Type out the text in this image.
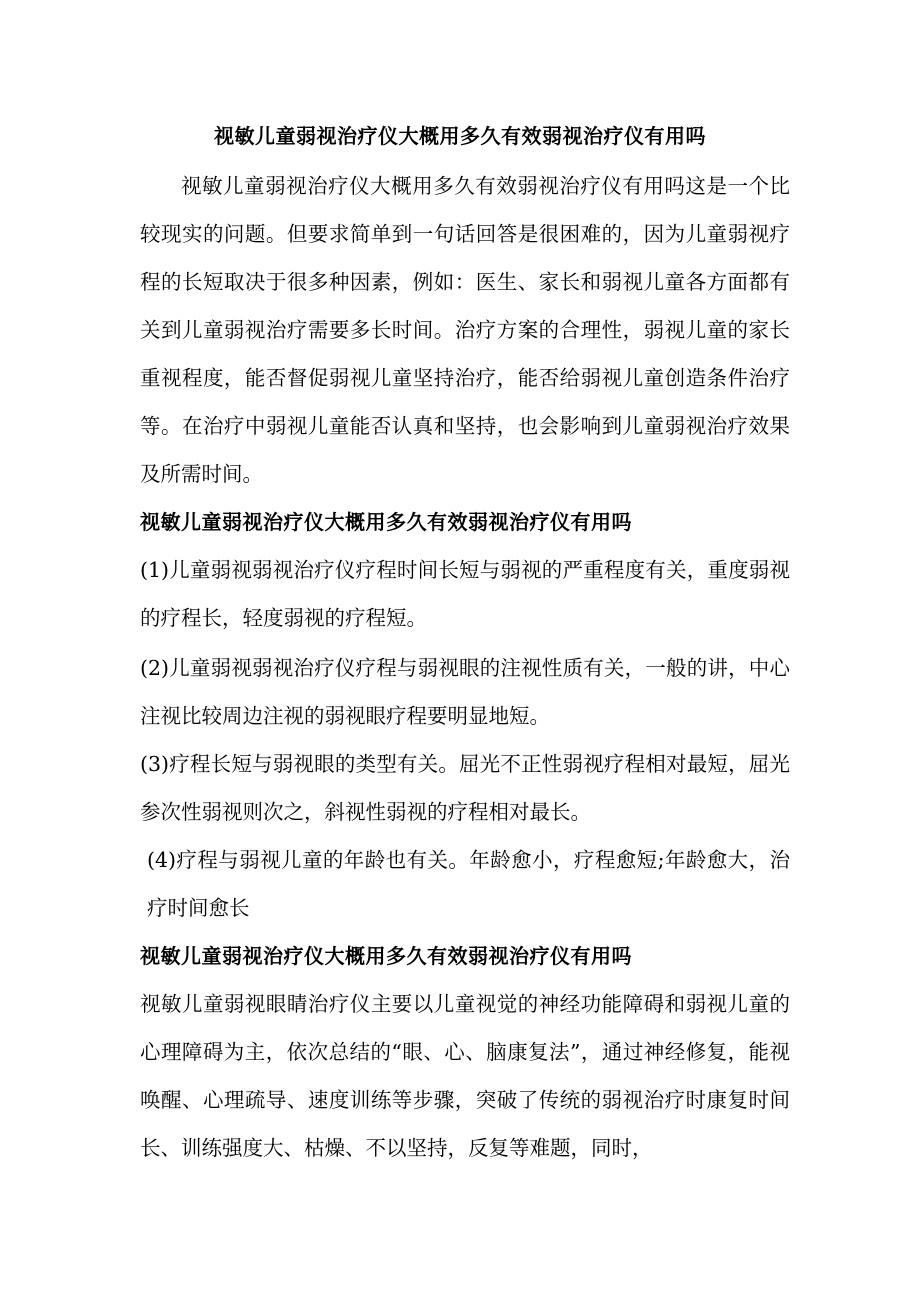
视敏儿童弱视治疗仪大概用多久有效弱视治疗仪有用吗

视敏儿童弱视治疗仪大概用多久有效弱视治疗仪有用吗这是一个比较现实的问题。但要求简单到一句话回答是很困难的，因为儿童弱视疗程的长短取决于很多种因素，例如：医生、家长和弱视儿童各方面都有关到儿童弱视治疗需要多长时间。治疗方案的合理性，弱视儿童的家长重视程度，能否督促弱视儿童坚持治疗，能否给弱视儿童创造条件治疗等。在治疗中弱视儿童能否认真和坚持，也会影响到儿童弱视治疗效果及所需时间。

视敏儿童弱视治疗仪大概用多久有效弱视治疗仪有用吗

(1)儿童弱视弱视治疗仪疗程时间长短与弱视的严重程度有关，重度弱视的疗程长，轻度弱视的疗程短。

(2)儿童弱视弱视治疗仪疗程与弱视眼的注视性质有关，一般的讲，中心注视比较周边注视的弱视眼疗程要明显地短。

(3)疗程长短与弱视眼的类型有关。屈光不正性弱视疗程相对最短，屈光参次性弱视则次之，斜视性弱视的疗程相对最长。

(4)疗程与弱视儿童的年龄也有关。年龄愈小，疗程愈短;年龄愈大，治疗时间愈长

视敏儿童弱视治疗仪大概用多久有效弱视治疗仪有用吗

视敏儿童弱视眼睛治疗仪主要以儿童视觉的神经功能障碍和弱视儿童的心理障碍为主，依次总结的“眼、心、脑康复法”，通过神经修复，能视唤醒、心理疏导、速度训练等步骤，突破了传统的弱视治疗时康复时间长、训练强度大、枯燥、不以坚持，反复等难题，同时，
